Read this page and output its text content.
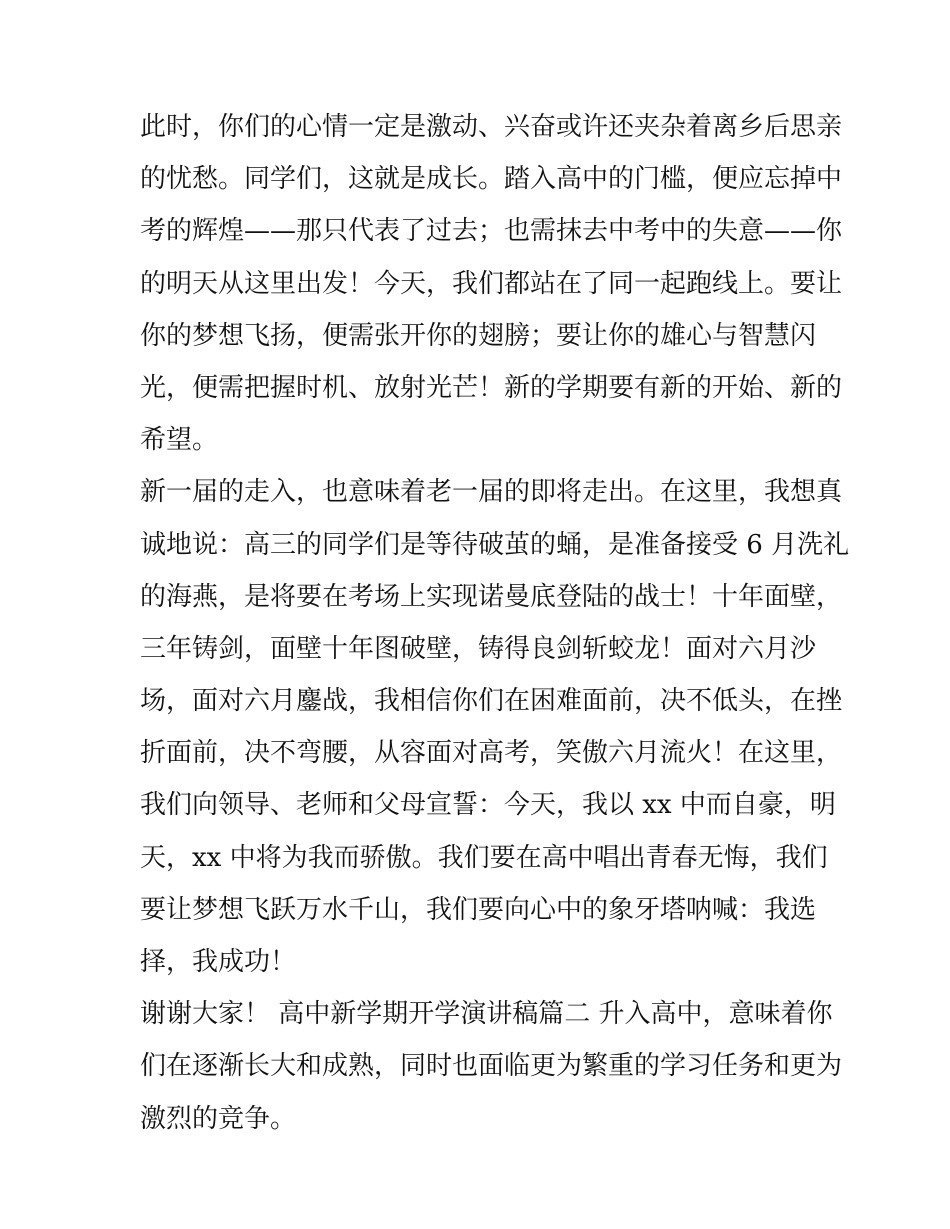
此时，你们的心情一定是激动、兴奋或许还夹杂着离乡后思亲
的忧愁。同学们，这就是成长。踏入高中的门槛，便应忘掉中
考的辉煌——那只代表了过去；也需抹去中考中的失意——你
的明天从这里出发！今天，我们都站在了同一起跑线上。要让
你的梦想飞扬，便需张开你的翅膀；要让你的雄心与智慧闪
光，便需把握时机、放射光芒！新的学期要有新的开始、新的
希望。
新一届的走入，也意味着老一届的即将走出。在这里，我想真
诚地说：高三的同学们是等待破茧的蛹，是准备接受 6 月洗礼
的海燕，是将要在考场上实现诺曼底登陆的战士！十年面壁，
三年铸剑，面壁十年图破壁，铸得良剑斩蛟龙！面对六月沙
场，面对六月鏖战，我相信你们在困难面前，决不低头，在挫
折面前，决不弯腰，从容面对高考，笑傲六月流火！在这里，
我们向领导、老师和父母宣誓：今天，我以 xx 中而自豪，明
天，xx 中将为我而骄傲。我们要在高中唱出青春无悔，我们
要让梦想飞跃万水千山，我们要向心中的象牙塔呐喊：我选
择，我成功！
谢谢大家！ 高中新学期开学演讲稿篇二 升入高中，意味着你
们在逐渐长大和成熟，同时也面临更为繁重的学习任务和更为
激烈的竞争。
